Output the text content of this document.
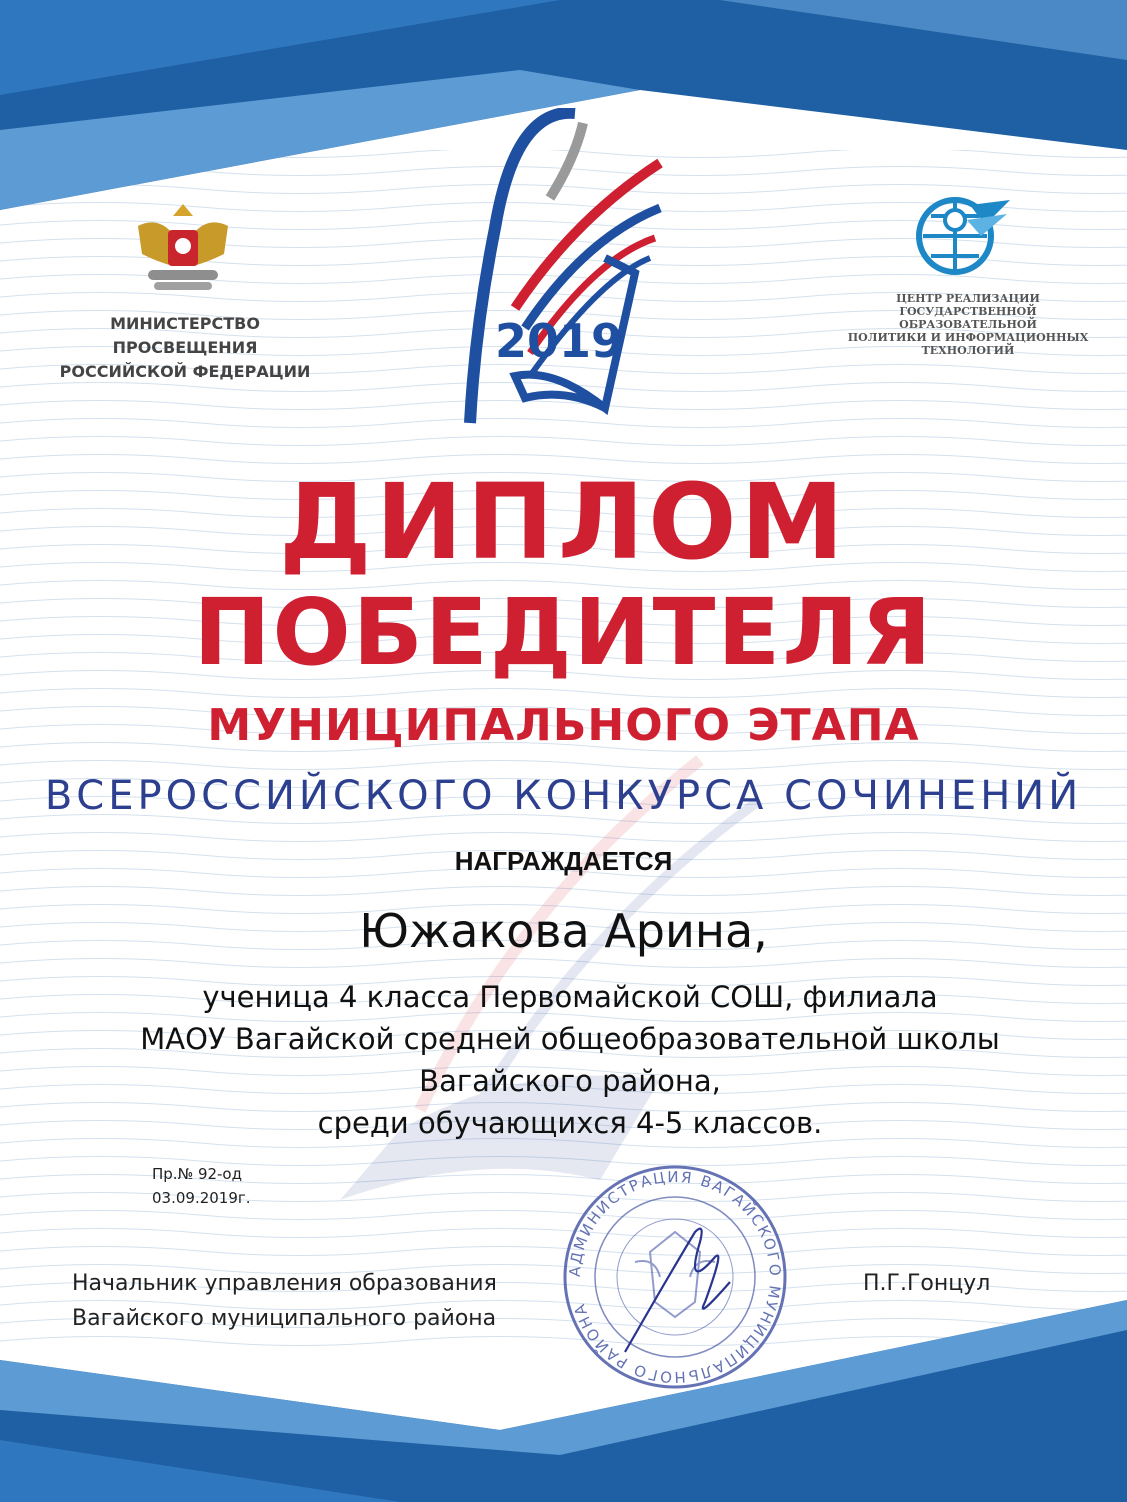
МИНИСТЕРСТВО ПРОСВЕЩЕНИЯ
РОССИЙСКОЙ ФЕДЕРАЦИИ
ЦЕНТР РЕАЛИЗАЦИИ
ГОСУДАРСТВЕННОЙ ОБРАЗОВАТЕЛЬНОЙ
ПОЛИТИКИ И ИНФОРМАЦИОННЫХ
ТЕХНОЛОГИЙ
2019
ДИПЛОМ
ПОБЕДИТЕЛЯ
МУНИЦИПАЛЬНОГО ЭТАПА
ВСЕРОССИЙСКОГО КОНКУРСА СОЧИНЕНИЙ
НАГРАЖДАЕТСЯ
Южакова Арина,
ученица 4 класса Первомайской СОШ, филиала
МАОУ Вагайской средней общеобразовательной школы
Вагайского района,
среди обучающихся 4-5 классов.
Пр.№ 92-од
03.09.2019г.
АДМИНИСТРАЦИЯ ВАГАЙСКОГО МУНИЦИПАЛЬНОГО РАЙОНА
Начальник управления образования
Вагайского муниципального района
П.Г.Гонцул
